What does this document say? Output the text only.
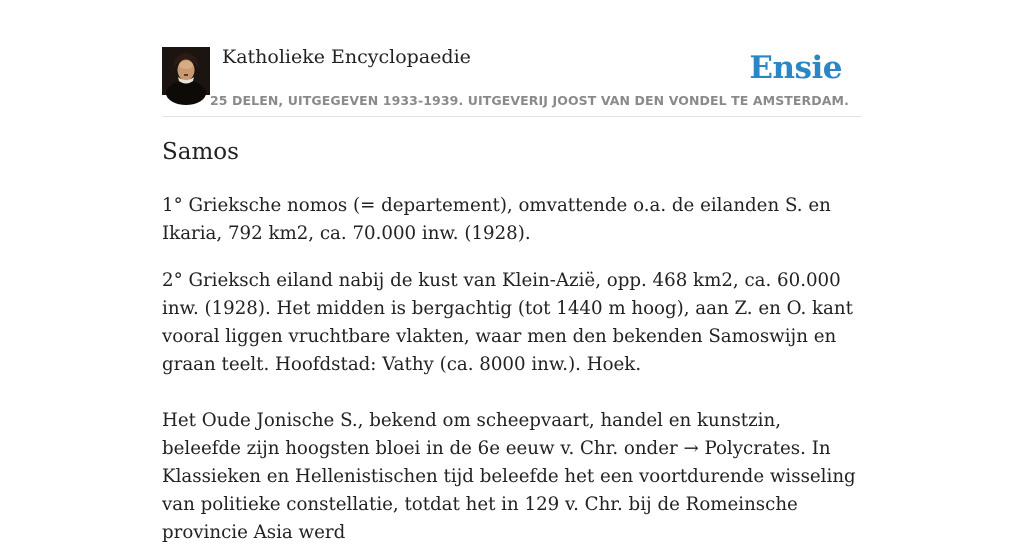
Katholieke Encyclopaedie	Ensie
25 DELEN, UITGEGEVEN 1933-1939. UITGEVERIJ JOOST VAN DEN VONDEL TE AMSTERDAM.
Samos

1° Grieksche nomos (= departement), omvattende o.a. de eilanden S. en Ikaria, 792 km2, ca. 70.000 inw. (1928).

2° Grieksch eiland nabij de kust van Klein-Azië, opp. 468 km2, ca. 60.000 inw. (1928). Het midden is bergachtig (tot 1440 m hoog), aan Z. en O. kant vooral liggen vruchtbare vlakten, waar men den bekenden Samoswijn en graan teelt. Hoofdstad: Vathy (ca. 8000 inw.). Hoek.

Het Oude Jonische S., bekend om scheepvaart, handel en kunstzin, beleefde zijn hoogsten bloei in de 6e eeuw v. Chr. onder → Polycrates. In Klassieken en Hellenistischen tijd beleefde het een voortdurende wisseling van politieke constellatie, totdat het in 129 v. Chr. bij de Romeinsche provincie Asia werd
